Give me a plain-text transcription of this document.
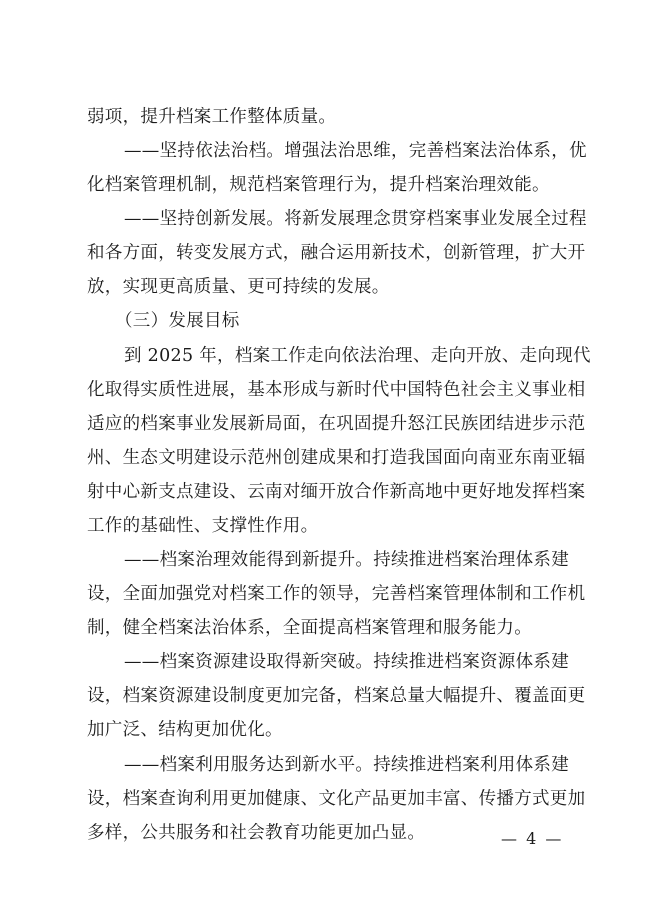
弱项，提升档案工作整体质量。
——坚持依法治档。增强法治思维，完善档案法治体系，优
化档案管理机制，规范档案管理行为，提升档案治理效能。
——坚持创新发展。将新发展理念贯穿档案事业发展全过程
和各方面，转变发展方式，融合运用新技术，创新管理，扩大开
放，实现更高质量、更可持续的发展。
（三）发展目标
到 2025 年，档案工作走向依法治理、走向开放、走向现代
化取得实质性进展，基本形成与新时代中国特色社会主义事业相
适应的档案事业发展新局面，在巩固提升怒江民族团结进步示范
州、生态文明建设示范州创建成果和打造我国面向南亚东南亚辐
射中心新支点建设、云南对缅开放合作新高地中更好地发挥档案
工作的基础性、支撑性作用。
——档案治理效能得到新提升。持续推进档案治理体系建
设，全面加强党对档案工作的领导，完善档案管理体制和工作机
制，健全档案法治体系，全面提高档案管理和服务能力。
——档案资源建设取得新突破。持续推进档案资源体系建
设，档案资源建设制度更加完备，档案总量大幅提升、覆盖面更
加广泛、结构更加优化。
——档案利用服务达到新水平。持续推进档案利用体系建
设，档案查询利用更加健康、文化产品更加丰富、传播方式更加
多样，公共服务和社会教育功能更加凸显。	— 4 —
